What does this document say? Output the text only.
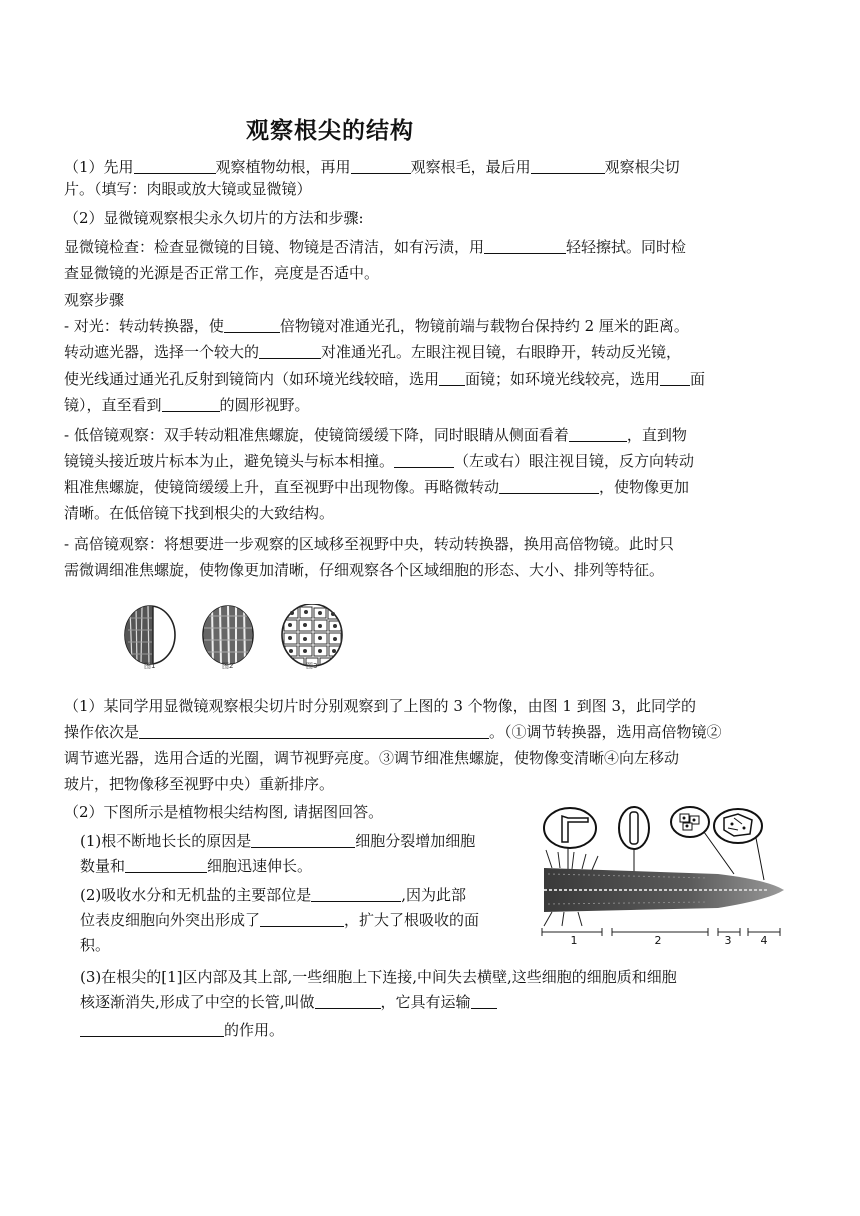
观察根尖的结构
（1）先用	观察植物幼根，再用	观察根毛，最后用	观察根尖切
片。（填写：肉眼或放大镜或显微镜）
（2）显微镜观察根尖永久切片的方法和步骤:
显微镜检查：检查显微镜的目镜、物镜是否清洁，如有污渍，用	轻轻擦拭。同时检
查显微镜的光源是否正常工作，亮度是否适中。
观察步骤
- 对光：转动转换器，使	倍物镜对准通光孔，物镜前端与载物台保持约 2 厘米的距离。
转动遮光器，选择一个较大的	对准通光孔。左眼注视目镜，右眼睁开，转动反光镜，
使光线通过通光孔反射到镜筒内（如环境光线较暗，选用 面镜；如环境光线较亮，选用 面
镜），直至看到	的圆形视野。
- 低倍镜观察：双手转动粗准焦螺旋，使镜筒缓缓下降，同时眼睛从侧面看着	，直到物
镜镜头接近玻片标本为止，避免镜头与标本相撞。	（左或右）眼注视目镜，反方向转动
粗准焦螺旋，使镜筒缓缓上升，直至视野中出现物像。再略微转动	，使物像更加
清晰。在低倍镜下找到根尖的大致结构。
- 高倍镜观察：将想要进一步观察的区域移至视野中央，转动转换器，换用高倍物镜。此时只
需微调细准焦螺旋，使物像更加清晰，仔细观察各个区域细胞的形态、大小、排列等特征。
图1	图2	图3
（1）某同学用显微镜观察根尖切片时分别观察到了上图的 3 个物像，由图 1 到图 3，此同学的
操作依次是	。（①调节转换器，选用高倍物镜②
调节遮光器，选用合适的光圈，调节视野亮度。③调节细准焦螺旋，使物像变清晰④向左移动
玻片，把物像移至视野中央）重新排序。
（2）下图所示是植物根尖结构图, 请据图回答。
(1)根不断地长长的原因是	细胞分裂增加细胞
数量和	细胞迅速伸长。
(2)吸收水分和无机盐的主要部位是	,因为此部
位表皮细胞向外突出形成了	，扩大了根吸收的面
积。
(3)在根尖的[1]区内部及其上部,一些细胞上下连接,中间失去横壁,这些细胞的细胞质和细胞
核逐渐消失,形成了中空的长管,叫做	，它具有运输
的作用。
1	2	3	4
